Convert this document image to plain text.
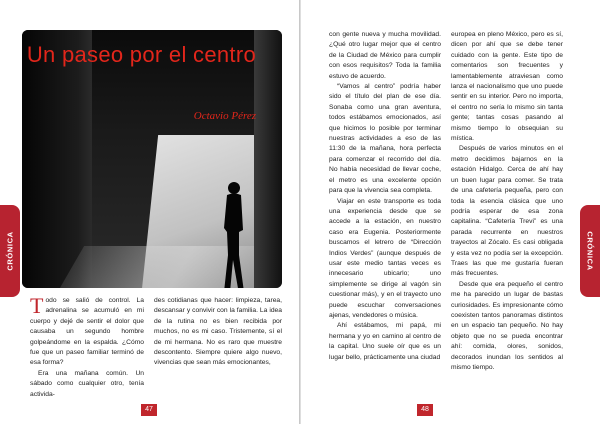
Un paseo por el centro
Octavio Pérez
CRÓNICA

Todo se salió de control. La adrenalina se acumuló en mi cuerpo y dejé de sentir el dolor que causaba un segundo hombre golpeándome en la espalda. ¿Cómo fue que un paseo familiar terminó de esa forma?

Era una mañana común. Un sábado como cualquier otro, tenía activida-

des cotidianas que hacer: limpieza, tarea, descansar y convivir con la familia. La idea de la rutina no es bien recibida por muchos, no es mi caso. Tristemente, sí el de mi hermana. No es raro que muestre descontento. Siempre quiere algo nuevo, vivencias que sean más emocionantes,

47

con gente nueva y mucha movilidad. ¿Qué otro lugar mejor que el centro de la Ciudad de México para cumplir con esos requisitos? Toda la familia estuvo de acuerdo.

“Vamos al centro” podría haber sido el título del plan de ese día. Sonaba como una gran aventura, todos estábamos emocionados, así que hicimos lo posible por terminar nuestras actividades a eso de las 11:30 de la mañana, hora perfecta para comenzar el recorrido del día. No había necesidad de llevar coche, el metro es una excelente opción para que la vivencia sea completa.

Viajar en este transporte es toda una experiencia desde que se accede a la estación, en nuestro caso era Eugenia. Posteriormente buscamos el letrero de “Dirección Indios Verdes” (aunque después de usar este medio tantas veces es innecesario ubicarlo; uno simplemente se dirige al vagón sin cuestionar más), y en el trayecto uno puede escuchar conversaciones ajenas, vendedores o música.

Ahí estábamos, mi papá, mi hermana y yo en camino al centro de la capital. Uno suele oír que es un lugar bello, prácticamente una ciudad

europea en pleno México, pero es sí, dicen por ahí que se debe tener cuidado con la gente. Este tipo de comentarios son frecuentes y lamentablemente atraviesan como lanza el nacionalismo que uno puede sentir en su interior. Pero no importa, el centro no sería lo mismo sin tanta gente; tantas cosas pasando al mismo tiempo lo obsequian su mística.

Después de varios minutos en el metro decidimos bajarnos en la estación Hidalgo. Cerca de ahí hay un buen lugar para comer. Se trata de una cafetería pequeña, pero con toda la esencia clásica que uno podría esperar de esa zona capitalina. “Cafetería Trevi” es una parada recurrente en nuestros trayectos al Zócalo. Es casi obligada y esta vez no podía ser la excepción. Traes las que me gustaría fueran más frecuentes.

Desde que era pequeño el centro me ha parecido un lugar de bastas curiosidades. Es impresionante cómo coexisten tantos panoramas distintos en un espacio tan pequeño. No hay objeto que no se pueda encontrar ahí: comida, olores, sonidos, decorados inundan los sentidos al mismo tiempo.

CRÓNICA
48
